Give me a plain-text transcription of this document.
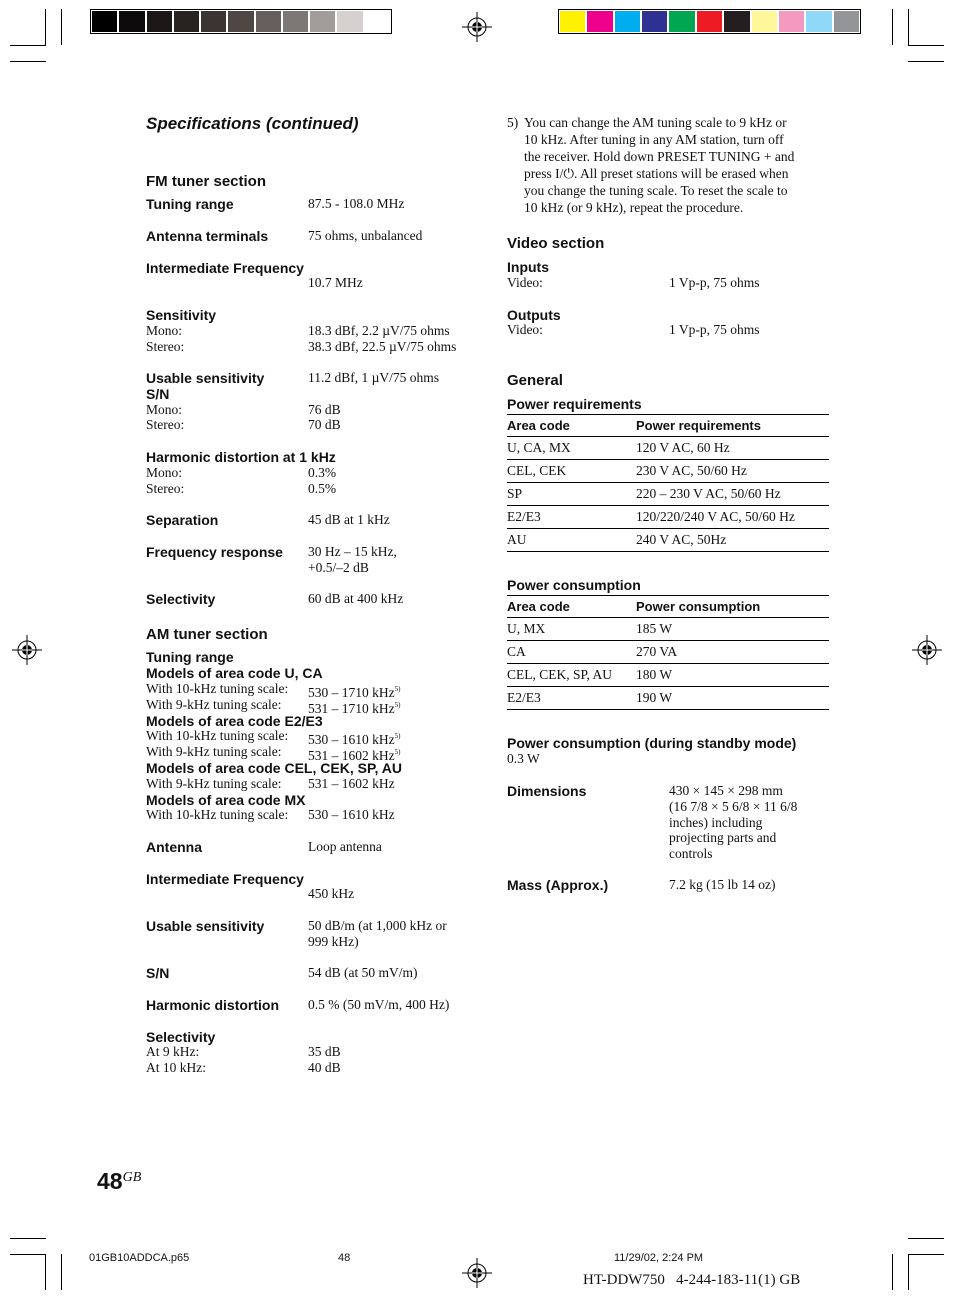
Specifications (continued)
FM tuner section
Tuning range	87.5 - 108.0 MHz
Antenna terminals	75 ohms, unbalanced
Intermediate Frequency
10.7 MHz
Sensitivity
Mono:	18.3 dBf, 2.2 µV/75 ohms
Stereo:	38.3 dBf, 22.5 µV/75 ohms
Usable sensitivity	11.2 dBf, 1 µV/75 ohms
S/N
Mono:	76 dB
Stereo:	70 dB
Harmonic distortion at 1 kHz
Mono:	0.3%
Stereo:	0.5%
Separation	45 dB at 1 kHz
Frequency response 30 Hz – 15 kHz,
+0.5/–2 dB
Selectivity	60 dB at 400 kHz
AM tuner section
Tuning range
Models of area code U, CA
With 10-kHz tuning scale: 530 – 1710 kHz$^{5)}$
With 9-kHz tuning scale: 531 – 1710 kHz$^{5)}$
Models of area code E2/E3
With 10-kHz tuning scale: 530 – 1610 kHz$^{5)}$
With 9-kHz tuning scale: 531 – 1602 kHz$^{5)}$
Models of area code CEL, CEK, SP, AU
With 9-kHz tuning scale: 531 – 1602 kHz
Models of area code MX
With 10-kHz tuning scale: 530 – 1610 kHz
Antenna	Loop antenna
Intermediate Frequency
450 kHz
Usable sensitivity	50 dB/m (at 1,000 kHz or
999 kHz)
S/N	54 dB (at 50 mV/m)
Harmonic distortion 0.5 % (50 mV/m, 400 Hz)
Selectivity
At 9 kHz:	35 dB
At 10 kHz:	40 dB
5) You can change the AM tuning scale to 9 kHz or
10 kHz. After tuning in any AM station, turn off
the receiver. Hold down PRESET TUNING + and
press I/⏻. All preset stations will be erased when
you change the tuning scale. To reset the scale to
10 kHz (or 9 kHz), repeat the procedure.
Video section
Inputs
Video:	1 Vp-p, 75 ohms
Outputs
Video:	1 Vp-p, 75 ohms
General
Power requirements
Area code	Power requirements
U, CA, MX	120 V AC, 60 Hz
CEL, CEK	230 V AC, 50/60 Hz
SP	220 – 230 V AC, 50/60 Hz
E2/E3	120/220/240 V AC, 50/60 Hz
AU	240 V AC, 50Hz
Power consumption
Area code	Power consumption
U, MX	185 W
CA	270 VA
CEL, CEK, SP, AU	180 W
E2/E3	190 W
Power consumption (during standby mode)
0.3 W
Dimensions	430 × 145 × 298 mm
(16 7/8 × 5 6/8 × 11 6/8
inches) including
projecting parts and
controls
Mass (Approx.)	7.2 kg (15 lb 14 oz)
48GB
01GB10ADDCA.p65	48	11/29/02, 2:24 PM
HT-DDW750   4-244-183-11(1) GB
